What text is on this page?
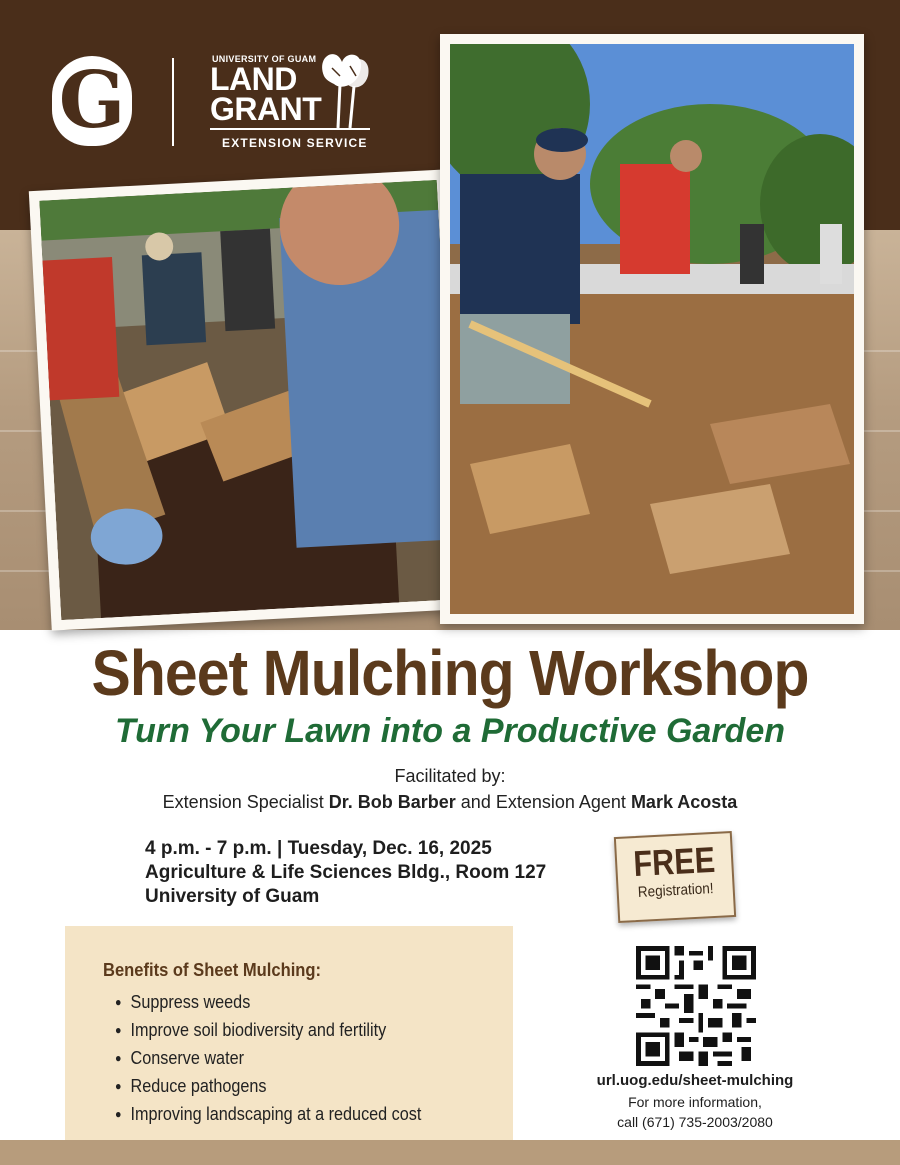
G	UNIVERSITY OF GUAM
LAND
GRANT
EXTENSION SERVICE
Sheet Mulching Workshop
Turn Your Lawn into a Productive Garden
Facilitated by:
Extension Specialist Dr. Bob Barber and Extension Agent Mark Acosta
4 p.m. - 7 p.m. | Tuesday, Dec. 16, 2025
Agriculture & Life Sciences Bldg., Room 127
University of Guam
FREE
Registration!
Benefits of Sheet Mulching:
● Suppress weeds
● Improve soil biodiversity and fertility
● Conserve water
● Reduce pathogens
● Improving landscaping at a reduced cost
url.uog.edu/sheet-mulching
For more information,
call (671) 735-2003/2080
